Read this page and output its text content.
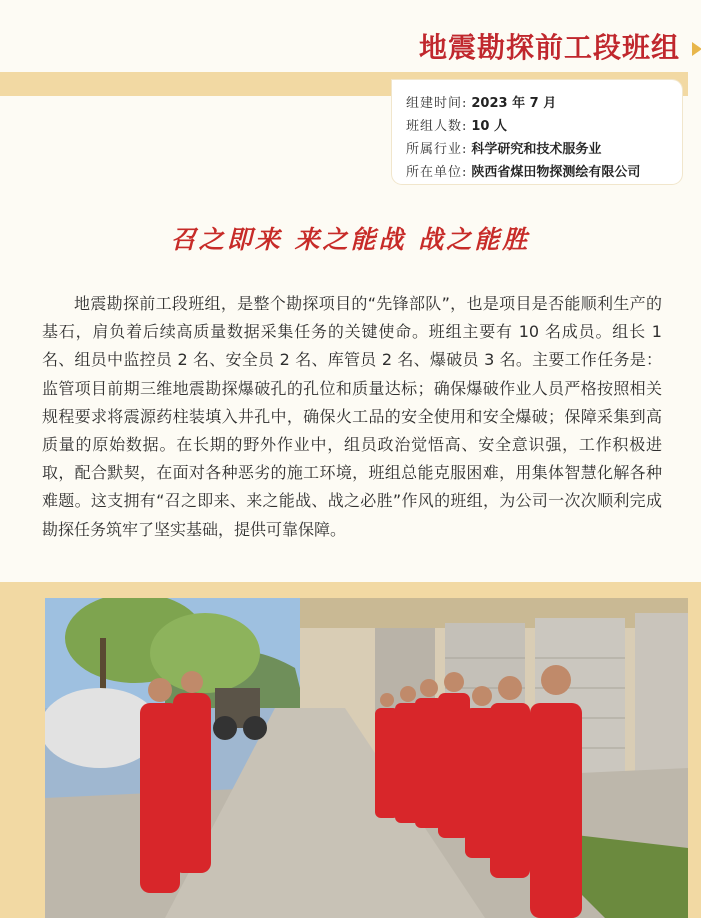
地震勘探前工段班组
组建时间: 2023 年 7 月
班组人数: 10 人
所属行业: 科学研究和技术服务业
所在单位: 陕西省煤田物探测绘有限公司
召之即来 来之能战 战之能胜
地震勘探前工段班组，是整个勘探项目的“先锋部队”，也是项目是否能顺利生产的基石，肩负着后续高质量数据采集任务的关键使命。班组主要有 10 名成员。组长 1 名、组员中监控员 2 名、安全员 2 名、库管员 2 名、爆破员 3 名。主要工作任务是：监管项目前期三维地震勘探爆破孔的孔位和质量达标；确保爆破作业人员严格按照相关规程要求将震源药柱装填入井孔中，确保火工品的安全使用和安全爆破；保障采集到高质量的原始数据。在长期的野外作业中，组员政治觉悟高、安全意识强，工作积极进取，配合默契，在面对各种恶劣的施工环境，班组总能克服困难，用集体智慧化解各种难题。这支拥有“召之即来、来之能战、战之必胜”作风的班组，为公司一次次顺利完成勘探任务筑牢了坚实基础，提供可靠保障。
